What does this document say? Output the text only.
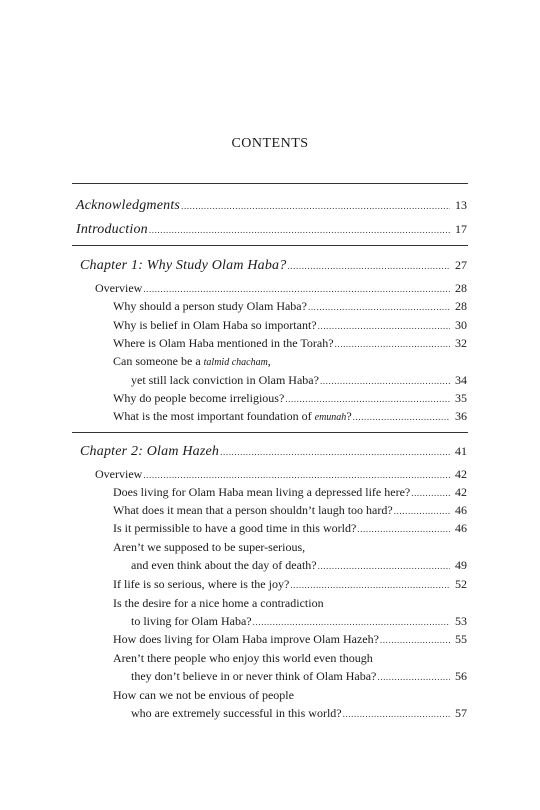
CONTENTS
Acknowledgments .....	13
Introduction .....	17
Chapter 1: Why Study Olam Haba? .....	27
Overview .....	28
Why should a person study Olam Haba? .....	28
Why is belief in Olam Haba so important? .....	30
Where is Olam Haba mentioned in the Torah? .....	32
Can someone be a talmid chacham,
yet still lack conviction in Olam Haba? .....	34
Why do people become irreligious? .....	35
What is the most important foundation of emunah? .....	36
Chapter 2: Olam Hazeh .....	41
Overview .....	42
Does living for Olam Haba mean living a depressed life here? .....	42
What does it mean that a person shouldn’t laugh too hard? .....	46
Is it permissible to have a good time in this world? .....	46
Aren’t we supposed to be super-serious,
and even think about the day of death? .....	49
If life is so serious, where is the joy? .....	52
Is the desire for a nice home a contradiction
to living for Olam Haba? .....	53
How does living for Olam Haba improve Olam Hazeh? .....	55
Aren’t there people who enjoy this world even though
they don’t believe in or never think of Olam Haba? .....	56
How can we not be envious of people
who are extremely successful in this world? .....	57
